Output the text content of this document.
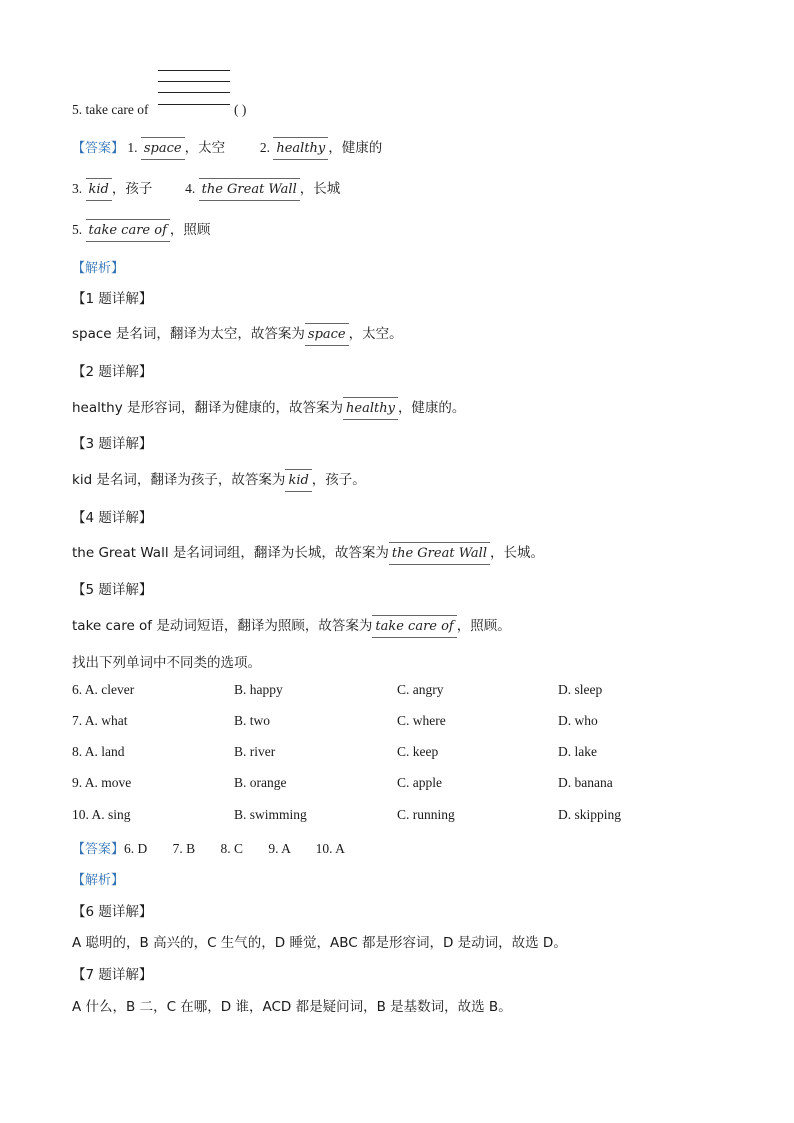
5. take care of	( )
【答案】 1. space ，太空	2. healthy ，健康的
3. kid ，孩子 4. the Great Wall ，长城
5. take care of ，照顾
【解析】
【1 题详解】
space 是名词，翻译为太空，故答案为 space ，太空。
【2 题详解】
healthy 是形容词，翻译为健康的，故答案为 healthy ，健康的。
【3 题详解】
kid 是名词，翻译为孩子，故答案为 kid ，孩子。
【4 题详解】
the Great Wall 是名词词组，翻译为长城，故答案为 the Great Wall ，长城。
【5 题详解】
take care of 是动词短语，翻译为照顾，故答案为 take care of ，照顾。
找出下列单词中不同类的选项。
6. A. clever	B. happy	C. angry	D. sleep
7. A. what	B. two	C. where	D. who
8. A. land	B. river	C. keep	D. lake
9. A. move	B. orange	C. apple	D. banana
10. A. sing	B. swimming	C. running	D. skipping
【答案】6. D 7. B 8. C 9. A 10. A
【解析】
【6 题详解】
A 聪明的，B 高兴的，C 生气的，D 睡觉，ABC 都是形容词，D 是动词，故选 D。
【7 题详解】
A 什么，B 二，C 在哪，D 谁，ACD 都是疑问词，B 是基数词，故选 B。
